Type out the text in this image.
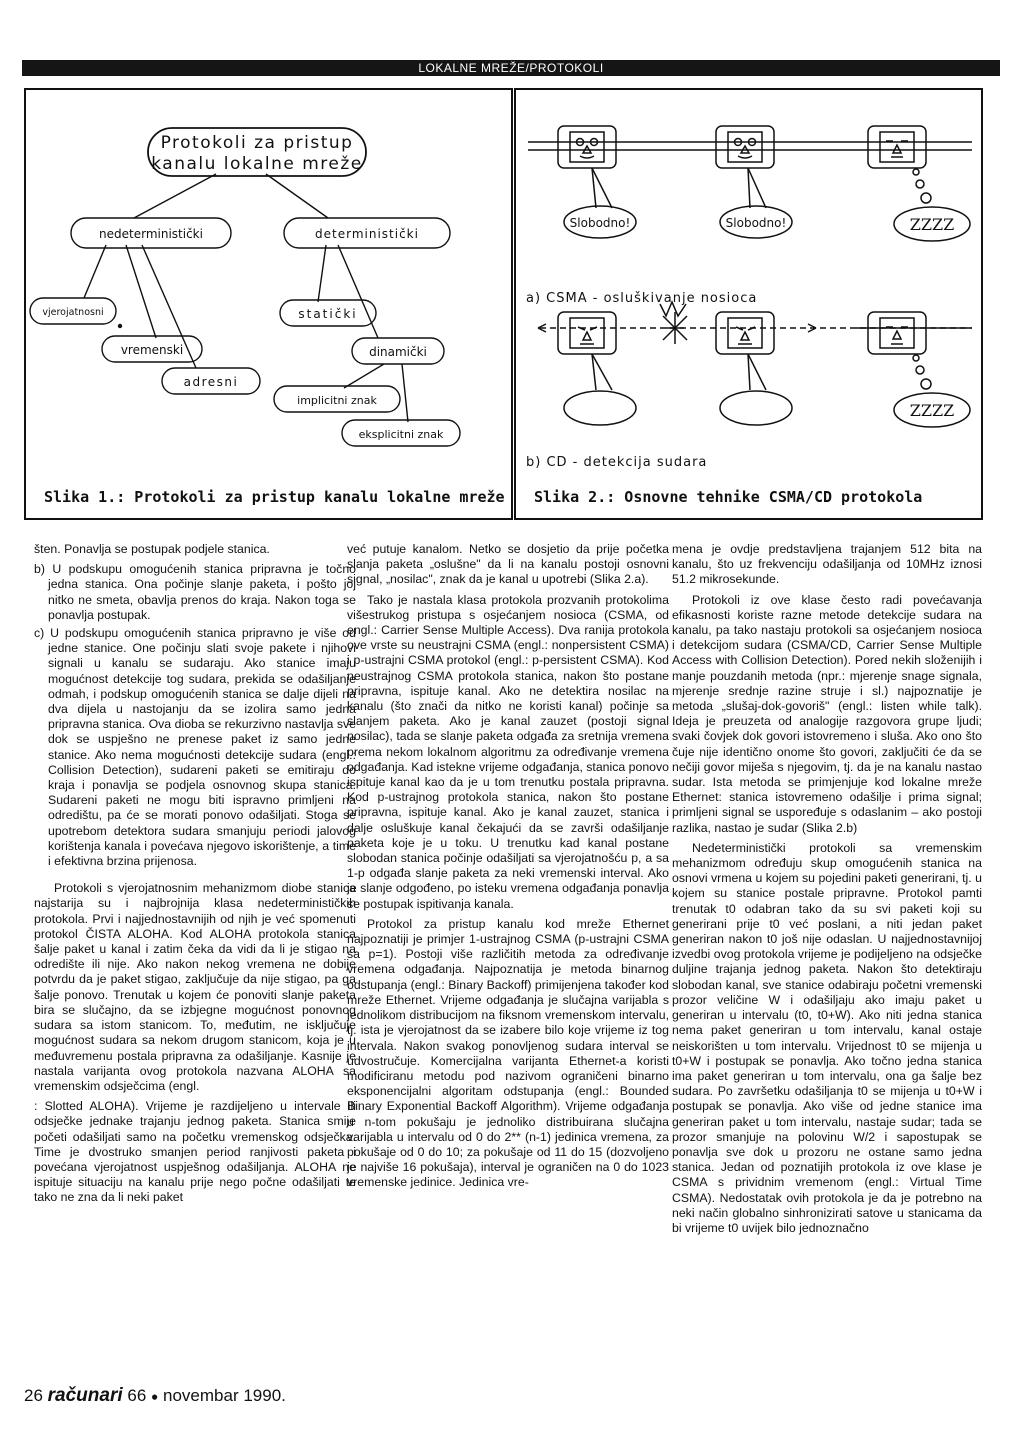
LOKALNE MREŽE/PROTOKOLI
Protokoli za pristup
kanalu lokalne mreže
nedeterministički	deterministički
vjerojatnosni
vremenski
adresni
statički
dinamički
implicitni znak
eksplicitni znak
Slika 1.: Protokoli za pristup kanalu lokalne mreže
Slobodno!	Slobodno!	ZZZZ
ZZZZ
a) CSMA - osluškivanje nosioca
b) CD - detekcija sudara
Slika 2.: Osnovne tehnike CSMA/CD protokola

šten. Ponavlja se postupak podjele stanica.

b) U podskupu omogućenih stanica pripravna je točno jedna stanica. Ona počinje slanje paketa, i pošto joj nitko ne smeta, obavlja prenos do kraja. Nakon toga se ponavlja postupak.

c) U podskupu omogućenih stanica pripravno je više od jedne stanice. One počinju slati svoje pakete i njihovi signali u kanalu se sudaraju. Ako stanice imaju mogućnost detekcije tog sudara, prekida se odašiljanje odmah, i podskup omogućenih stanica se dalje dijeli na dva dijela u nastojanju da se izolira samo jedna pripravna stanica. Ova dioba se rekurzivno nastavlja sve dok se uspješno ne prenese paket iz samo jedne stanice. Ako nema mogućnosti detekcije sudara (engl.: Collision Detection), sudareni paketi se emitiraju do kraja i ponavlja se podjela osnovnog skupa stanica. Sudareni paketi ne mogu biti ispravno primljeni na odredištu, pa će se morati ponovo odašiljati. Stoga se upotrebom detektora sudara smanjuju periodi jalovog korištenja kanala i povećava njegovo iskorištenje, a time i efektivna brzina prijenosa.

Protokoli s vjerojatnosnim mehanizmom diobe stanica najstarija su i najbrojnija klasa nedeterminističkih protokola. Prvi i najjednostavnijih od njih je već spomenuti protokol ČISTA ALOHA. Kod ALOHA protokola stanica šalje paket u kanal i zatim čeka da vidi da li je stigao na odredište ili nije. Ako nakon nekog vremena ne dobije potvrdu da je paket stigao, zaključuje da nije stigao, pa ga šalje ponovo. Trenutak u kojem će ponoviti slanje paketa bira se slučajno, da se izbjegne mogućnost ponovnog sudara sa istom stanicom. To, međutim, ne isključuje mogućnost sudara sa nekom drugom stanicom, koja je u međuvremenu postala pripravna za odašiljanje. Kasnije je nastala varijanta ovog protokola nazvana ALOHA sa vremenskim odsječcima (engl.

: Slotted ALOHA). Vrijeme je razdijeljeno u intervale ili odsječke jednake trajanju jednog paketa. Stanica smije početi odašiljati samo na početku vremenskog odsječka. Time je dvostruko smanjen period ranjivosti paketa i povećana vjerojatnost uspješnog odašiljanja. ALOHA ne ispituje situaciju na kanalu prije nego počne odašiljati te tako ne zna da li neki paket

već putuje kanalom. Netko se dosjetio da prije početka slanja paketa „oslušne" da li na kanalu postoji osnovni signal, „nosilac", znak da je kanal u upotrebi (Slika 2.a).

Tako je nastala klasa protokola prozvanih protokolima višestrukog pristupa s osjećanjem nosioca (CSMA, od engl.: Carrier Sense Multiple Access). Dva ranija protokola ove vrste su neustrajni CSMA (engl.: nonpersistent CSMA) i p-ustrajni CSMA protokol (engl.: p-persistent CSMA). Kod neustrajnog CSMA protokola stanica, nakon što postane pripravna, ispituje kanal. Ako ne detektira nosilac na kanalu (što znači da nitko ne koristi kanal) počinje sa slanjem paketa. Ako je kanal zauzet (postoji signal nosilac), tada se slanje paketa odgađa za sretnija vremena prema nekom lokalnom algoritmu za određivanje vremena odgađanja. Kad istekne vrijeme odgađanja, stanica ponovo ispituje kanal kao da je u tom trenutku postala pripravna. Kod p-ustrajnog protokola stanica, nakon što postane pripravna, ispituje kanal. Ako je kanal zauzet, stanica i dalje osluškuje kanal čekajući da se završi odašiljanje paketa koje je u toku. U trenutku kad kanal postane slobodan stanica počinje odašiljati sa vjerojatnošću p, a sa 1-p odgađa slanje paketa za neki vremenski interval. Ako je slanje odgođeno, po isteku vremena odgađanja ponavlja se postupak ispitivanja kanala.

Protokol za pristup kanalu kod mreže Ethernet najpoznatiji je primjer 1-ustrajnog CSMA (p-ustrajni CSMA sa p=1). Postoji više različitih metoda za određivanje vremena odgađanja. Najpoznatija je metoda binarnog odstupanja (engl.: Binary Backoff) primijenjena također kod mreže Ethernet. Vrijeme odgađanja je slučajna varijabla s jednolikom distribucijom na fiksnom vremenskom intervalu, tj. ista je vjerojatnost da se izabere bilo koje vrijeme iz tog intervala. Nakon svakog ponovljenog sudara interval se udvostručuje. Komercijalna varijanta Ethernet-a koristi modificiranu metodu pod nazivom ograničeni binarno eksponencijalni algoritam odstupanja (engl.: Bounded Binary Exponential Backoff Algorithm). Vrijeme odgađanja u n-tom pokušaju je jednoliko distribuirana slučajna varijabla u intervalu od 0 do 2** (n-1) jedinica vremena, za pokušaje od 0 do 10; za pokušaje od 11 do 15 (dozvoljeno je najviše 16 pokušaja), interval je ograničen na 0 do 1023 vremenske jedinice. Jedinica vre-

mena je ovdje predstavljena trajanjem 512 bita na kanalu, što uz frekvenciju odašiljanja od 10MHz iznosi 51.2 mikrosekunde.

Protokoli iz ove klase često radi povećavanja efikasnosti koriste razne metode detekcije sudara na kanalu, pa tako nastaju protokoli sa osjećanjem nosioca i detekcijom sudara (CSMA/CD, Carrier Sense Multiple Access with Collision Detection). Pored nekih složenijih i manje pouzdanih metoda (npr.: mjerenje snage signala, mjerenje srednje razine struje i sl.) najpoznatije je metoda „slušaj-dok-govoriš" (engl.: listen while talk). Ideja je preuzeta od analogije razgovora grupe ljudi; svaki čovjek dok govori istovremeno i sluša. Ako ono što čuje nije identično onome što govori, zaključiti će da se nečiji govor miješa s njegovim, tj. da je na kanalu nastao sudar. Ista metoda se primjenjuje kod lokalne mreže Ethernet: stanica istovremeno odašilje i prima signal; primljeni signal se uspoređuje s odaslanim – ako postoji razlika, nastao je sudar (Slika 2.b)

Nedeterministički protokoli sa vremenskim mehanizmom određuju skup omogućenih stanica na osnovi vrmena u kojem su pojedini paketi generirani, tj. u kojem su stanice postale pripravne. Protokol pamti trenutak t0 odabran tako da su svi paketi koji su generirani prije t0 već poslani, a niti jedan paket generiran nakon t0 još nije odaslan. U najjednostavnijoj izvedbi ovog protokola vrijeme je podijeljeno na odsječke duljine trajanja jednog paketa. Nakon što detektiraju slobodan kanal, sve stanice odabiraju početni vremenski prozor veličine W i odašiljaju ako imaju paket u generiran u intervalu (t0, t0+W). Ako niti jedna stanica nema paket generiran u tom intervalu, kanal ostaje neiskorišten u tom intervalu. Vrijednost t0 se mijenja u t0+W i postupak se ponavlja. Ako točno jedna stanica ima paket generiran u tom intervalu, ona ga šalje bez sudara. Po završetku odašiljanja t0 se mijenja u t0+W i postupak se ponavlja. Ako više od jedne stanice ima generiran paket u tom intervalu, nastaje sudar; tada se prozor smanjuje na polovinu W/2 i sapostupak se ponavlja sve dok u prozoru ne ostane samo jedna stanica. Jedan od poznatijih protokola iz ove klase je CSMA s prividnim vremenom (engl.: Virtual Time CSMA). Nedostatak ovih protokola je da je potrebno na neki način globalno sinhronizirati satove u stanicama da bi vrijeme t0 uvijek bilo jednoznačno

26 računari 66 ● novembar 1990.
